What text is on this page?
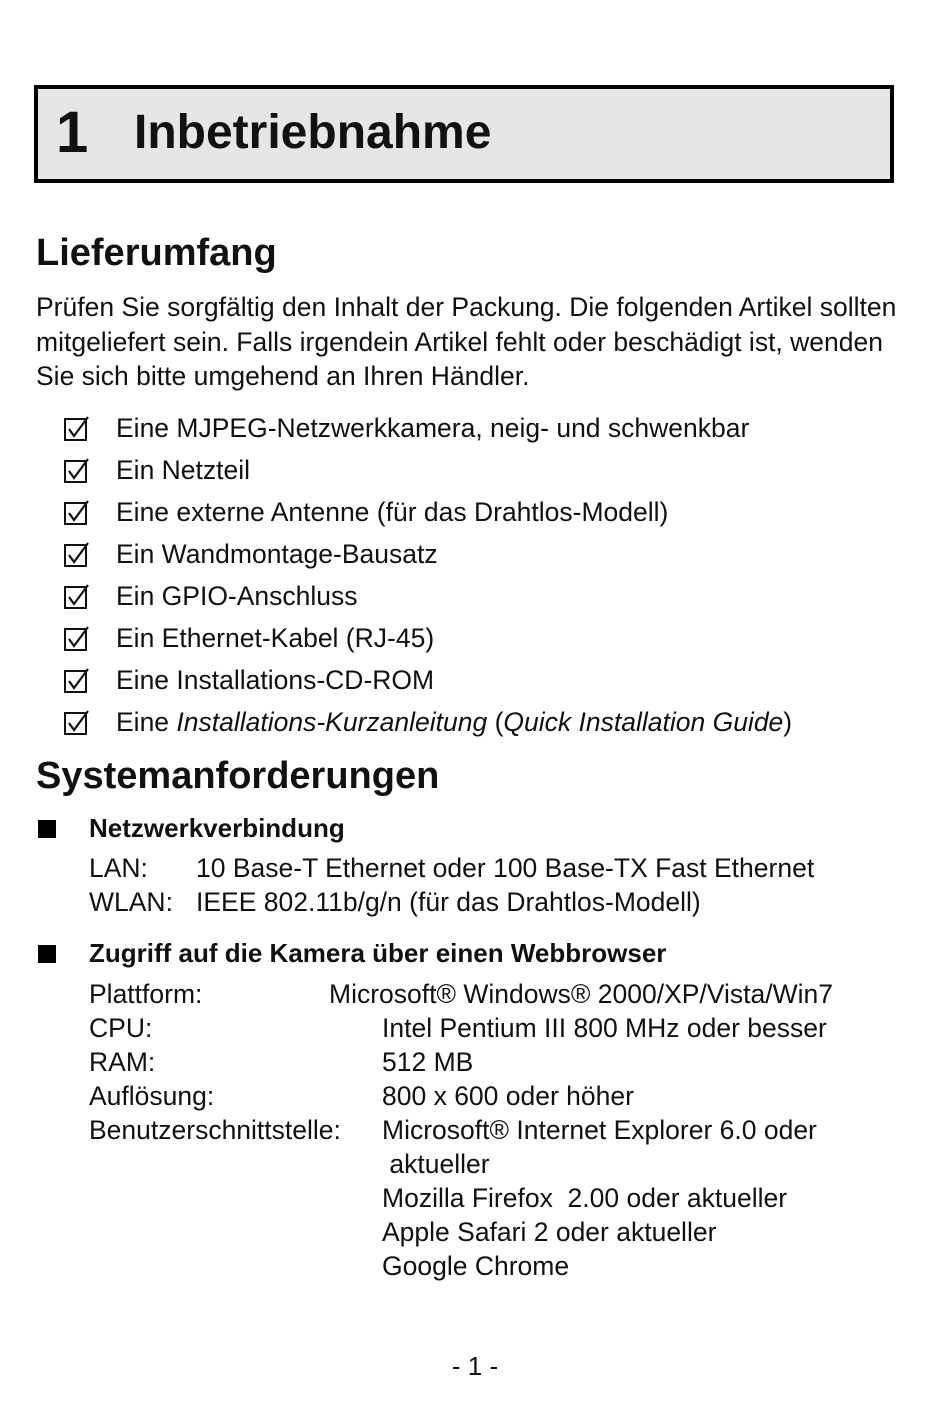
1 Inbetriebnahme
Lieferumfang

Prüfen Sie sorgfältig den Inhalt der Packung. Die folgenden Artikel sollten mitgeliefert sein. Falls irgendein Artikel fehlt oder beschädigt ist, wenden Sie sich bitte umgehend an Ihren Händler.

Eine MJPEG-Netzwerkkamera, neig- und schwenkbar
Ein Netzteil
Eine externe Antenne (für das Drahtlos-Modell)
Ein Wandmontage-Bausatz
Ein GPIO-Anschluss
Ein Ethernet-Kabel (RJ-45)
Eine Installations-CD-ROM
Eine Installations-Kurzanleitung (Quick Installation Guide)
Systemanforderungen
Netzwerkverbindung
LAN: 10 Base-T Ethernet oder 100 Base-TX Fast Ethernet
WLAN: IEEE 802.11b/g/n (für das Drahtlos-Modell)
Zugriff auf die Kamera über einen Webbrowser
Plattform:	Microsoft® Windows® 2000/XP/Vista/Win7
CPU:	Intel Pentium III 800 MHz oder besser
RAM:	512 MB
Auflösung:	800 x 600 oder höher
Benutzerschnittstelle: Microsoft® Internet Explorer 6.0 oder
aktueller
Mozilla Firefox  2.00 oder aktueller
Apple Safari 2 oder aktueller
Google Chrome
- 1 -
